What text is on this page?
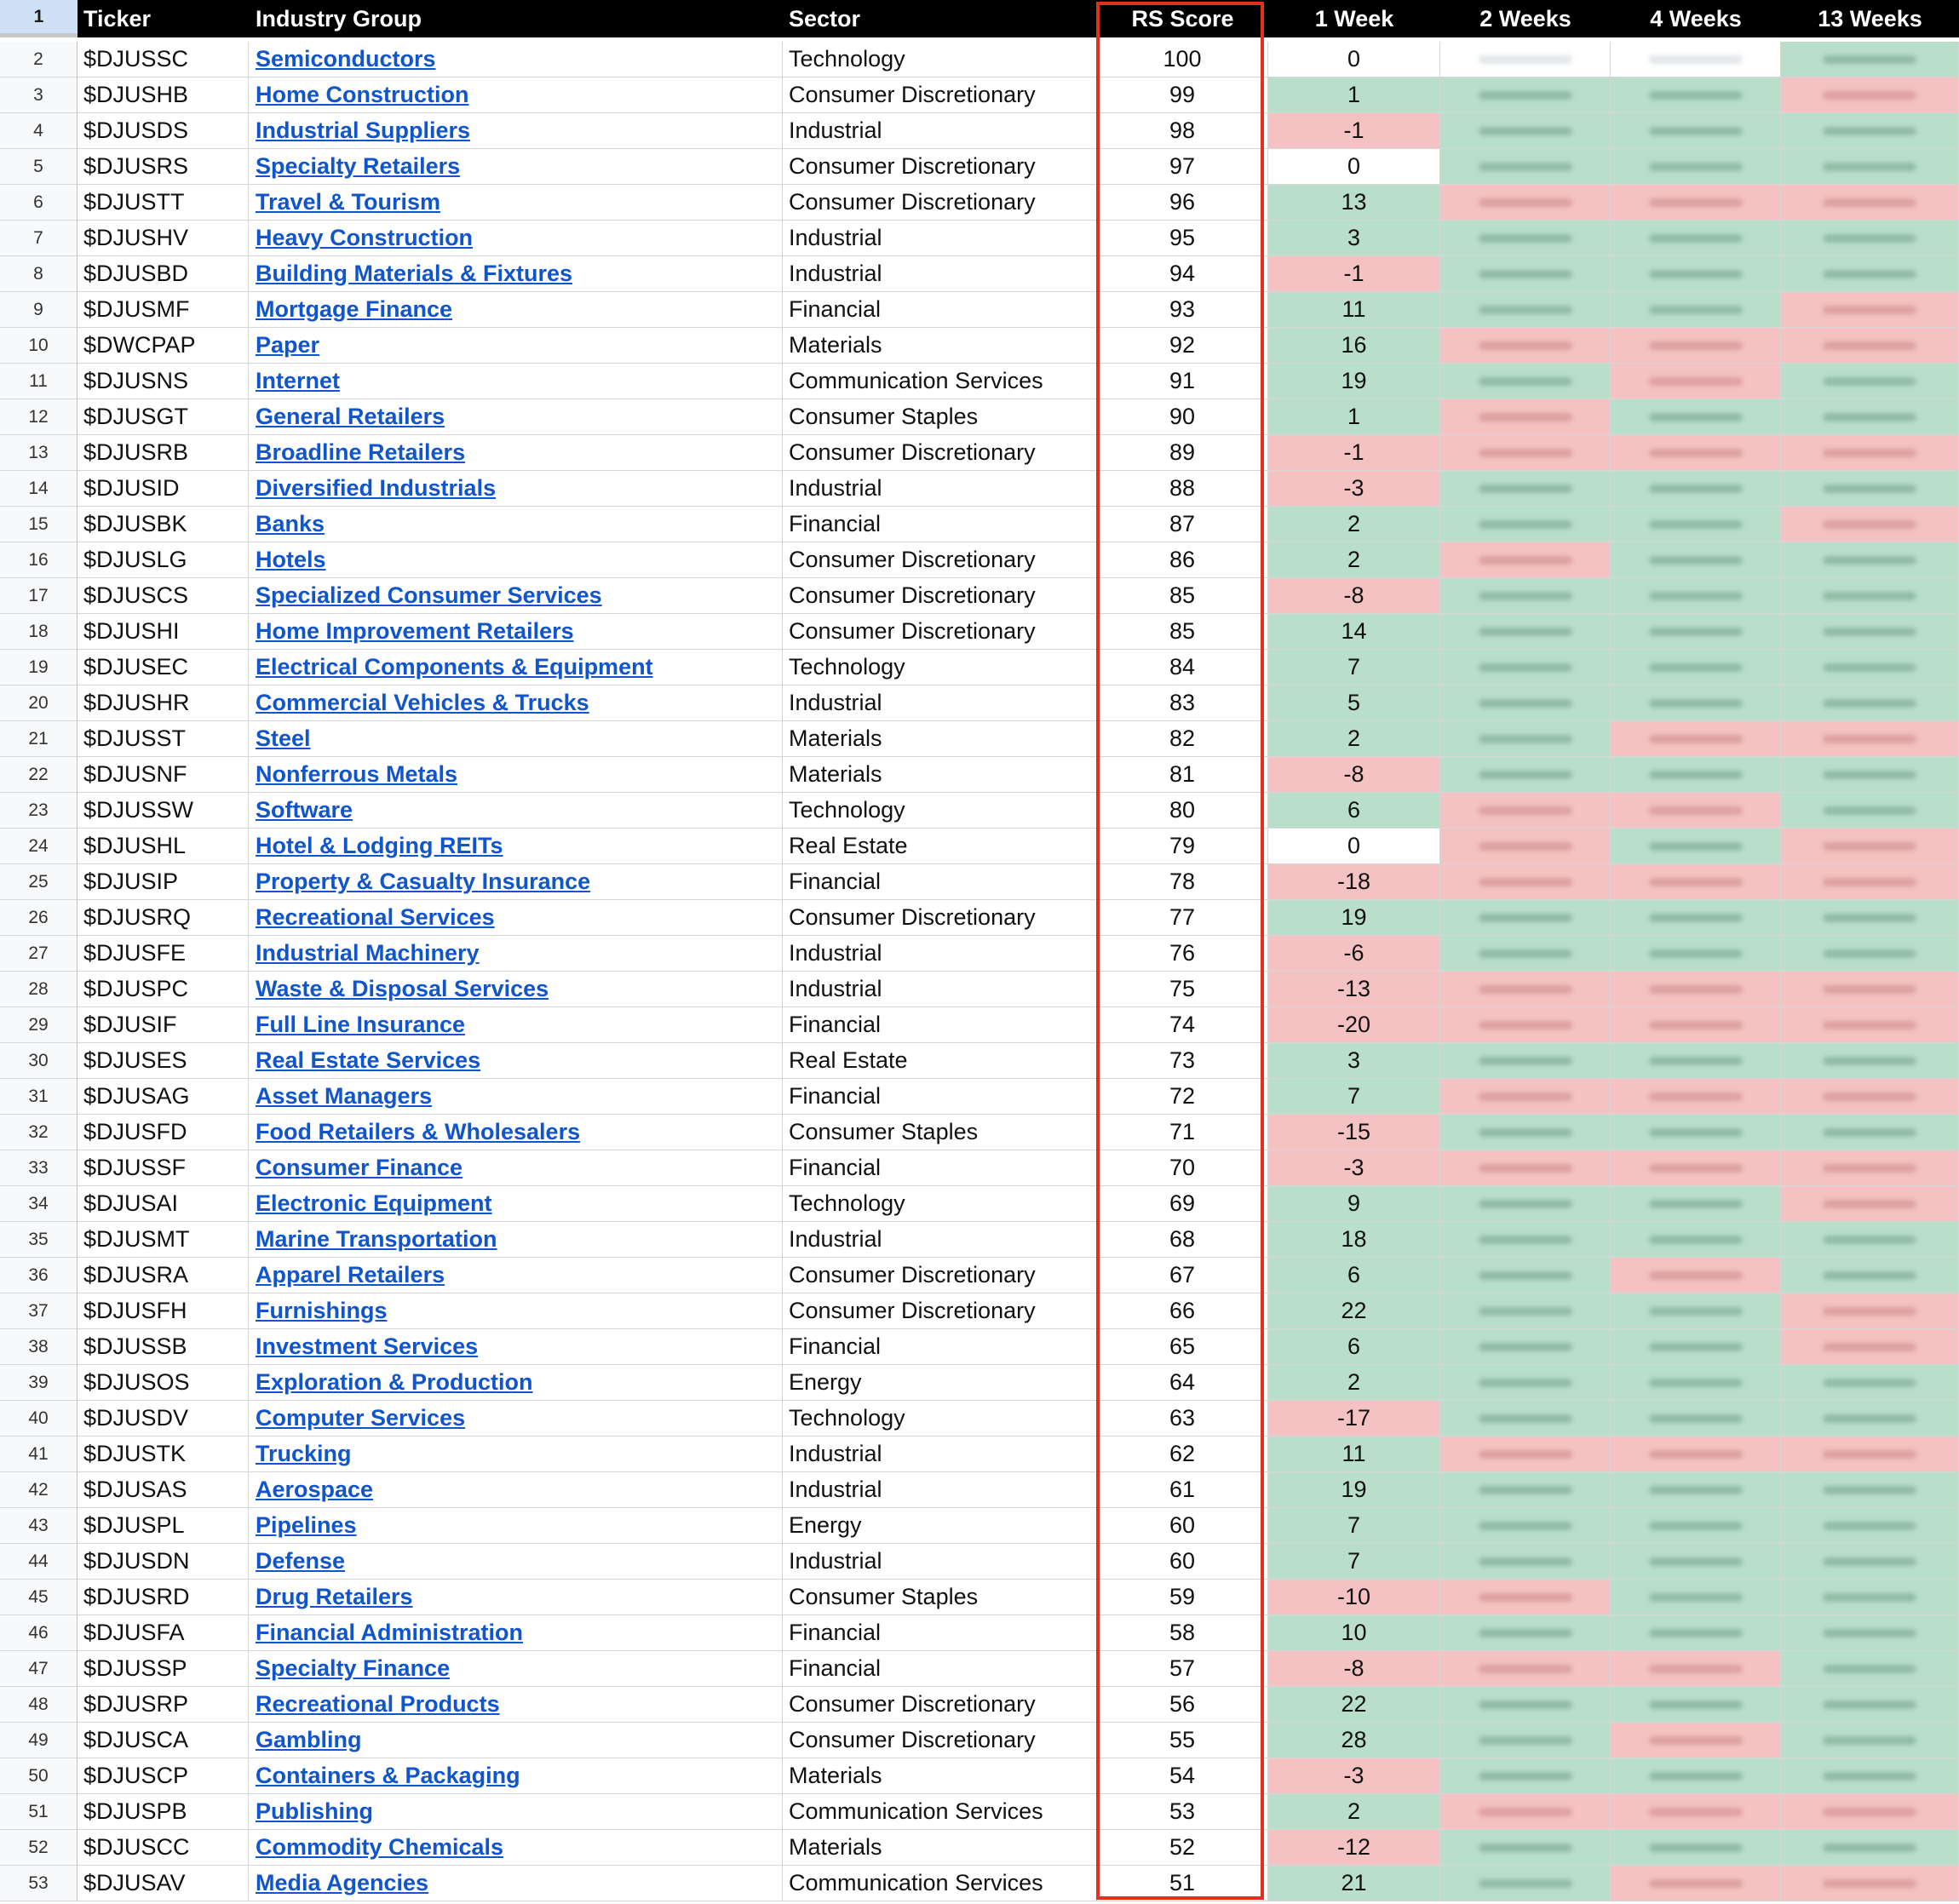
1	Ticker	Industry Group	Sector	RS Score	1 Week	2 Weeks	4 Weeks	13 Weeks
2	$DJUSSC	Semiconductors	Technology	100	0
3	$DJUSHB	Home Construction	Consumer Discretionary	99	1
4	$DJUSDS	Industrial Suppliers	Industrial	98	-1
5	$DJUSRS	Specialty Retailers	Consumer Discretionary	97	0
6	$DJUSTT	Travel & Tourism	Consumer Discretionary	96	13
7	$DJUSHV	Heavy Construction	Industrial	95	3
8	$DJUSBD	Building Materials & Fixtures	Industrial	94	-1
9	$DJUSMF	Mortgage Finance	Financial	93	11
10	$DWCPAP	Paper	Materials	92	16
11	$DJUSNS	Internet	Communication Services	91	19
12	$DJUSGT	General Retailers	Consumer Staples	90	1
13	$DJUSRB	Broadline Retailers	Consumer Discretionary	89	-1
14	$DJUSID	Diversified Industrials	Industrial	88	-3
15	$DJUSBK	Banks	Financial	87	2
16	$DJUSLG	Hotels	Consumer Discretionary	86	2
17	$DJUSCS	Specialized Consumer Services	Consumer Discretionary	85	-8
18	$DJUSHI	Home Improvement Retailers	Consumer Discretionary	85	14
19	$DJUSEC	Electrical Components & Equipment	Technology	84	7
20	$DJUSHR	Commercial Vehicles & Trucks	Industrial	83	5
21	$DJUSST	Steel	Materials	82	2
22	$DJUSNF	Nonferrous Metals	Materials	81	-8
23	$DJUSSW	Software	Technology	80	6
24	$DJUSHL	Hotel & Lodging REITs	Real Estate	79	0
25	$DJUSIP	Property & Casualty Insurance	Financial	78	-18
26	$DJUSRQ	Recreational Services	Consumer Discretionary	77	19
27	$DJUSFE	Industrial Machinery	Industrial	76	-6
28	$DJUSPC	Waste & Disposal Services	Industrial	75	-13
29	$DJUSIF	Full Line Insurance	Financial	74	-20
30	$DJUSES	Real Estate Services	Real Estate	73	3
31	$DJUSAG	Asset Managers	Financial	72	7
32	$DJUSFD	Food Retailers & Wholesalers	Consumer Staples	71	-15
33	$DJUSSF	Consumer Finance	Financial	70	-3
34	$DJUSAI	Electronic Equipment	Technology	69	9
35	$DJUSMT	Marine Transportation	Industrial	68	18
36	$DJUSRA	Apparel Retailers	Consumer Discretionary	67	6
37	$DJUSFH	Furnishings	Consumer Discretionary	66	22
38	$DJUSSB	Investment Services	Financial	65	6
39	$DJUSOS	Exploration & Production	Energy	64	2
40	$DJUSDV	Computer Services	Technology	63	-17
41	$DJUSTK	Trucking	Industrial	62	11
42	$DJUSAS	Aerospace	Industrial	61	19
43	$DJUSPL	Pipelines	Energy	60	7
44	$DJUSDN	Defense	Industrial	60	7
45	$DJUSRD	Drug Retailers	Consumer Staples	59	-10
46	$DJUSFA	Financial Administration	Financial	58	10
47	$DJUSSP	Specialty Finance	Financial	57	-8
48	$DJUSRP	Recreational Products	Consumer Discretionary	56	22
49	$DJUSCA	Gambling	Consumer Discretionary	55	28
50	$DJUSCP	Containers & Packaging	Materials	54	-3
51	$DJUSPB	Publishing	Communication Services	53	2
52	$DJUSCC	Commodity Chemicals	Materials	52	-12
53	$DJUSAV	Media Agencies	Communication Services	51	21
